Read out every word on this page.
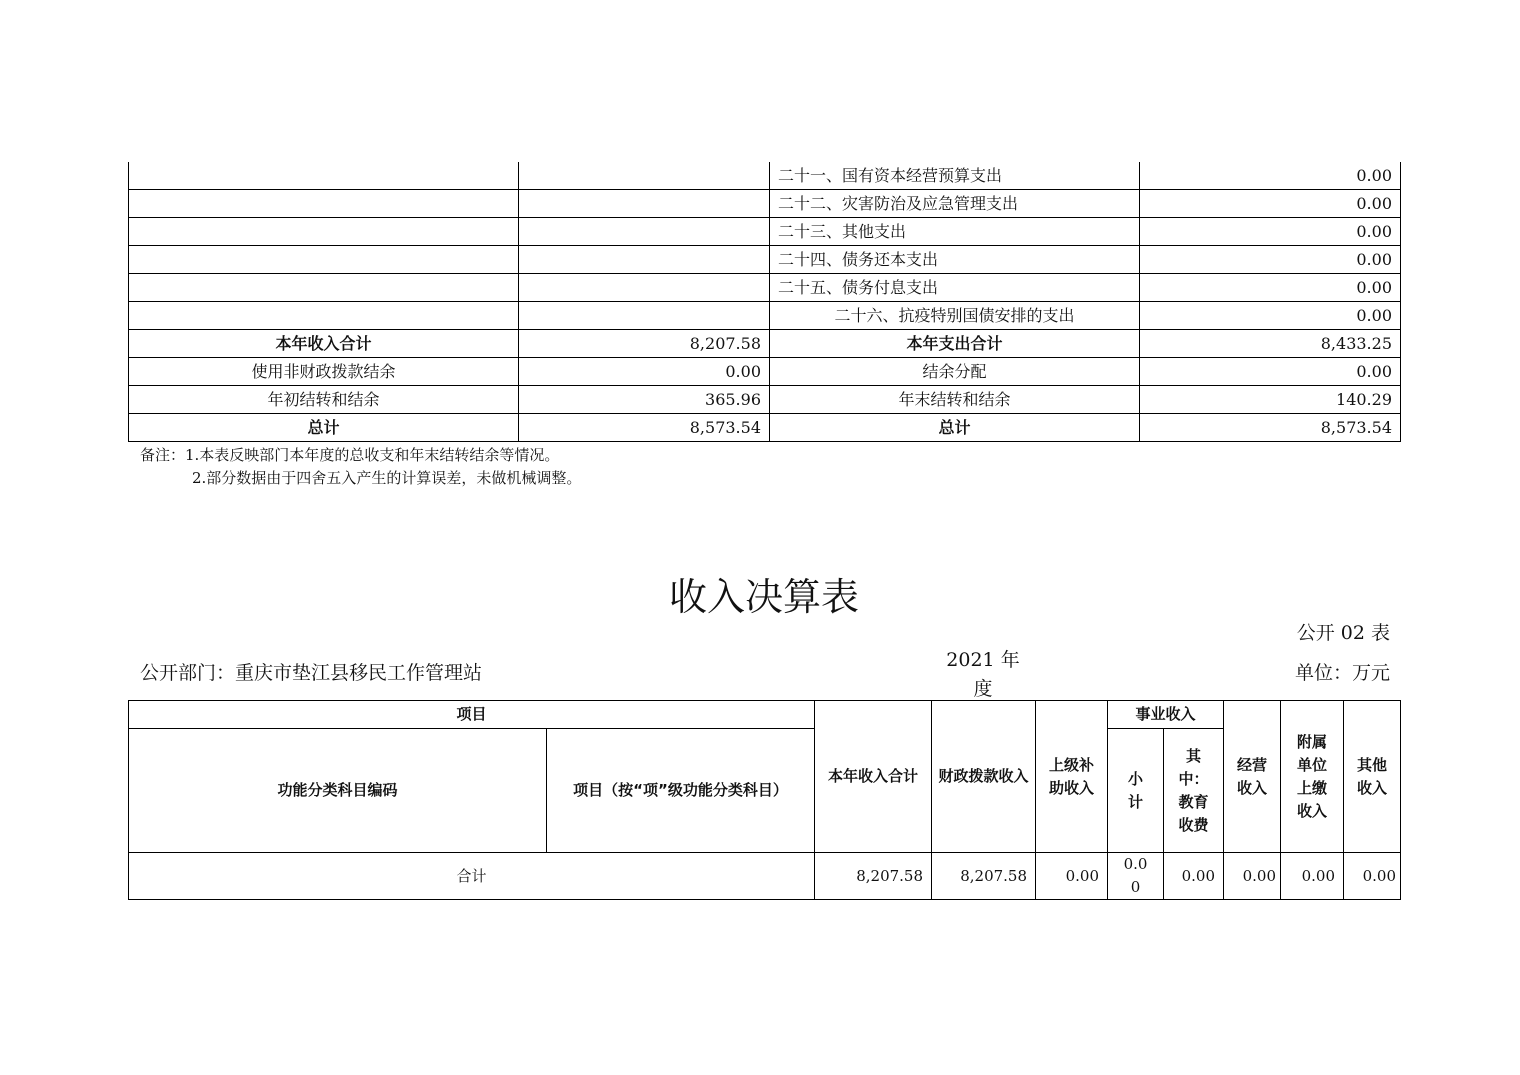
		二十一、国有资本经营预算支出	0.00
		二十二、灾害防治及应急管理支出	0.00
		二十三、其他支出	0.00
		二十四、债务还本支出	0.00
		二十五、债务付息支出	0.00
		二十六、抗疫特别国债安排的支出	0.00
本年收入合计	8,207.58	本年支出合计	8,433.25
使用非财政拨款结余	0.00	结余分配	0.00
年初结转和结余	365.96	年末结转和结余	140.29
总计	8,573.54	总计	8,573.54
备注：1.本表反映部门本年度的总收支和年末结转结余等情况。
2.部分数据由于四舍五入产生的计算误差，未做机械调整。
收入决算表
公开 02 表
公开部门：重庆市垫江县移民工作管理站
2021 年
度
单位：万元
项目		本年收入合计	财政拨款收入	上级补助收入	事业收入		经营收入	附属单位上缴收入	其他收入
功能分类科目编码	项目（按“项”级功能分类科目）				小计	其中：教育收费			

合计		8,207.58	8,207.58	0.00	0.00	0.00	0.00	0.00	0.00
